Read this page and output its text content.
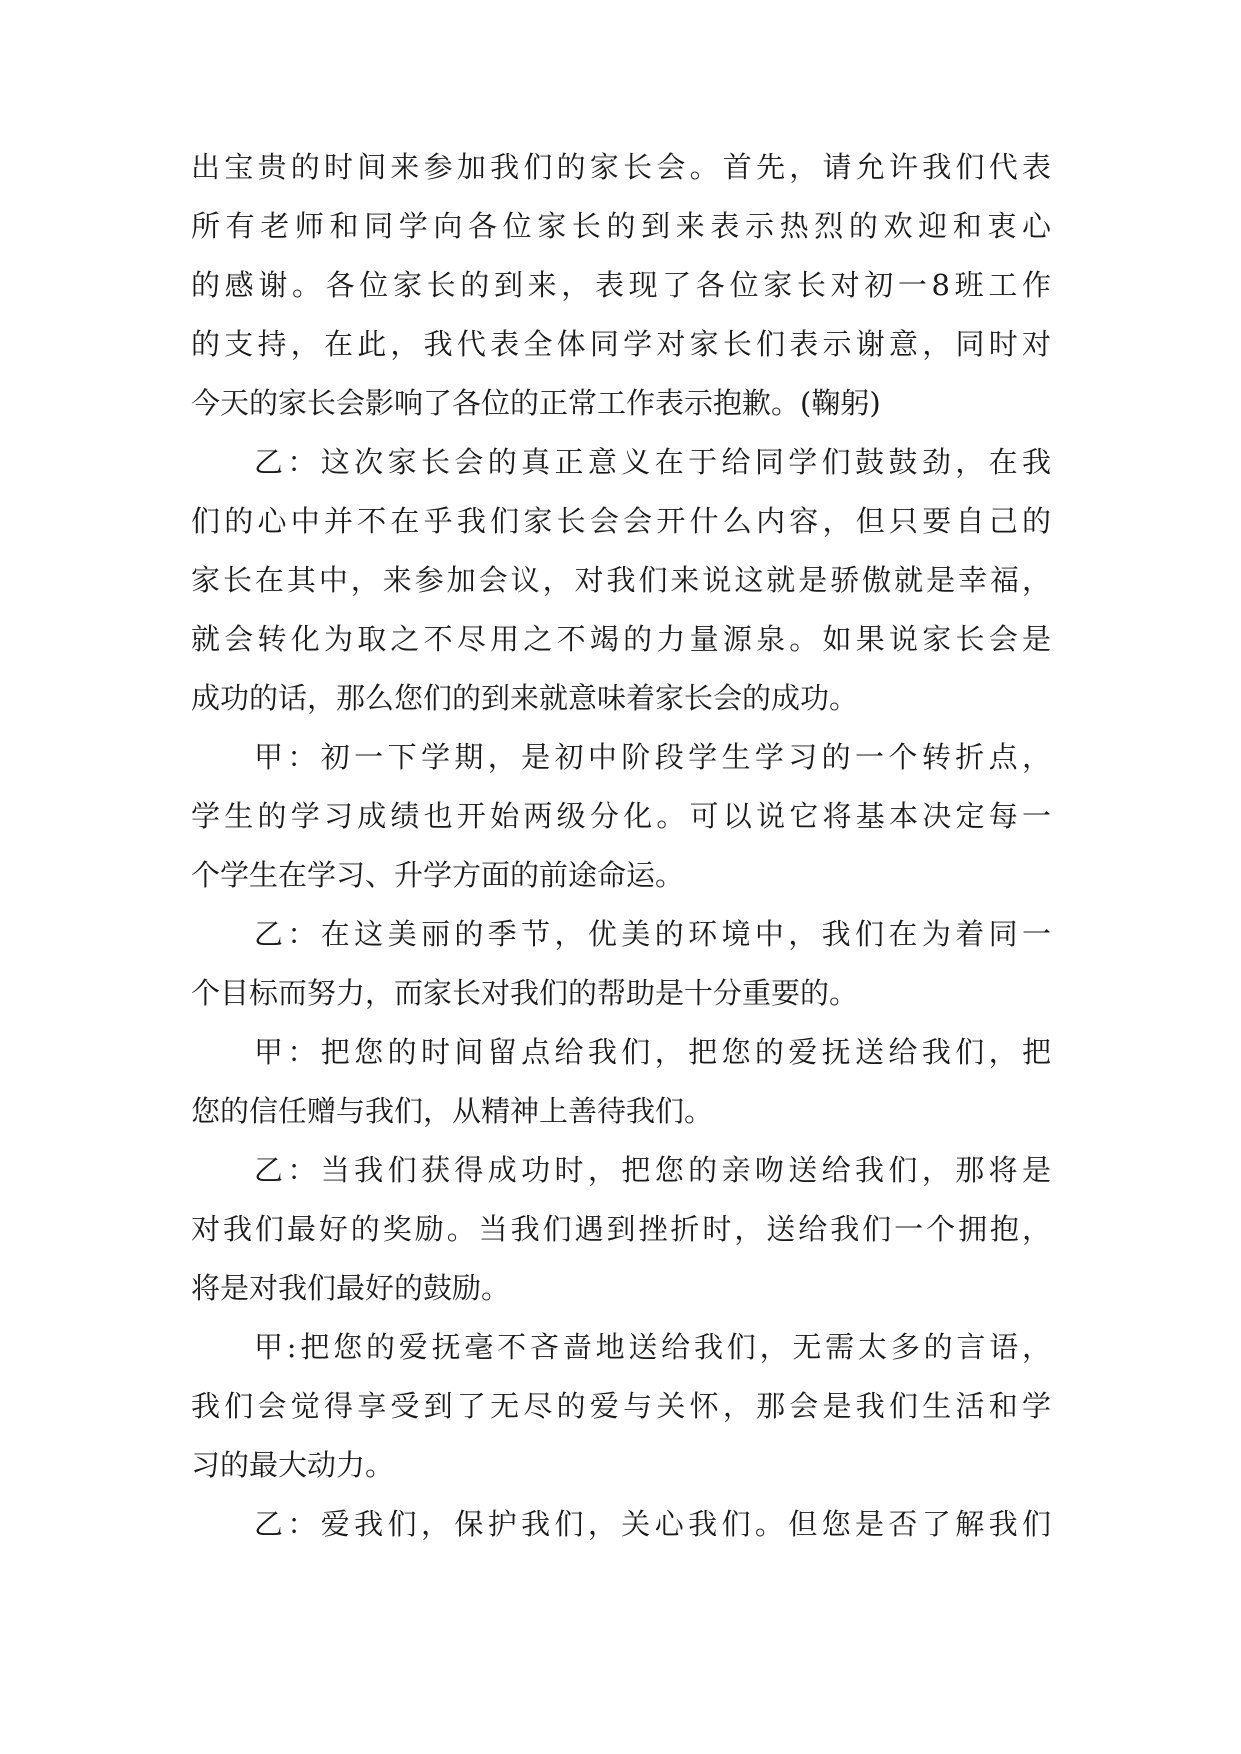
出宝贵的时间来参加我们的家长会。首先，请允许我们代表
所有老师和同学向各位家长的到来表示热烈的欢迎和衷心
的感谢。各位家长的到来，表现了各位家长对初一8班工作
的支持，在此，我代表全体同学对家长们表示谢意，同时对
今天的家长会影响了各位的正常工作表示抱歉。(鞠躬)
乙：这次家长会的真正意义在于给同学们鼓鼓劲，在我
们的心中并不在乎我们家长会会开什么内容，但只要自己的
家长在其中，来参加会议，对我们来说这就是骄傲就是幸福，
就会转化为取之不尽用之不竭的力量源泉。如果说家长会是
成功的话，那么您们的到来就意味着家长会的成功。
甲：初一下学期，是初中阶段学生学习的一个转折点，
学生的学习成绩也开始两级分化。可以说它将基本决定每一
个学生在学习、升学方面的前途命运。
乙：在这美丽的季节，优美的环境中，我们在为着同一
个目标而努力，而家长对我们的帮助是十分重要的。
甲：把您的时间留点给我们，把您的爱抚送给我们，把
您的信任赠与我们，从精神上善待我们。
乙：当我们获得成功时，把您的亲吻送给我们，那将是
对我们最好的奖励。当我们遇到挫折时，送给我们一个拥抱，
将是对我们最好的鼓励。
甲:把您的爱抚毫不吝啬地送给我们，无需太多的言语，
我们会觉得享受到了无尽的爱与关怀，那会是我们生活和学
习的最大动力。
乙：爱我们，保护我们，关心我们。但您是否了解我们
